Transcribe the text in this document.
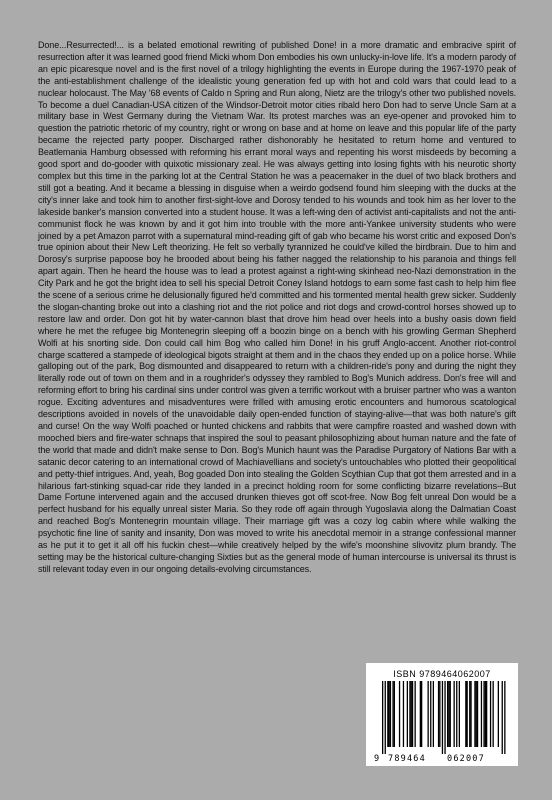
Done...Resurrected!... is a belated emotional rewriting of published Done! in a more dramatic and embracive spirit of resurrection after it was learned good friend Micki whom Don embodies his own unlucky-in-love life. It's a modern parody of an epic picaresque novel and is the first novel of a trilogy highlighting the events in Europe during the 1967-1970 peak of the anti-establishment challenge of the idealistic young generation fed up with hot and cold wars that could lead to a nuclear holocaust. The May '68 events of Caldo n Spring and Run along, Nietz are the trilogy's other two published novels. To become a duel Canadian-USA citizen of the Windsor-Detroit motor cities ribald hero Don had to serve Uncle Sam at a military base in West Germany during the Vietnam War. Its protest marches was an eye-opener and provoked him to question the patriotic rhetoric of my country, right or wrong on base and at home on leave and this popular life of the party became the rejected party pooper. Discharged rather dishonorably he hesitated to return home and ventured to Beatlemania Hamburg obsessed with reforming his errant moral ways and repenting his worst misdeeds by becoming a good sport and do-gooder with quixotic missionary zeal. He was always getting into losing fights with his neurotic shorty complex but this time in the parking lot at the Central Station he was a peacemaker in the duel of two black brothers and still got a beating. And it became a blessing in disguise when a weirdo godsend found him sleeping with the ducks at the city's inner lake and took him to another first-sight-love and Dorosy tended to his wounds and took him as her lover to the lakeside banker's mansion converted into a student house. It was a left-wing den of activist anti-capitalists and not the anti-communist flock he was known by and it got him into trouble with the more anti-Yankee university students who were joined by a pet Amazon parrot with a supernatural mind-reading gift of gab who became his worst critic and exposed Don's true opinion about their New Left theorizing. He felt so verbally tyrannized he could've killed the birdbrain. Due to him and Dorosy's surprise papoose boy he brooded about being his father nagged the relationship to his paranoia and things fell apart again. Then he heard the house was to lead a protest against a right-wing skinhead neo-Nazi demonstration in the City Park and he got the bright idea to sell his special Detroit Coney Island hotdogs to earn some fast cash to help him flee the scene of a serious crime he delusionally figured he'd committed and his tormented mental health grew sicker. Suddenly the slogan-chanting broke out into a clashing riot and the riot police and riot dogs and crowd-control horses showed up to restore law and order. Don got hit by water-cannon blast that drove him head over heels into a bushy oasis down field where he met the refugee big Montenegrin sleeping off a boozin binge on a bench with his growling German Shepherd Wolfi at his snorting side. Don could call him Bog who called him Done! in his gruff Anglo-accent. Another riot-control charge scattered a stampede of ideological bigots straight at them and in the chaos they ended up on a police horse. While galloping out of the park, Bog dismounted and disappeared to return with a children-ride's pony and during the night they literally rode out of town on them and in a roughrider's odyssey they rambled to Bog's Munich address. Don's free will and reforming effort to bring his cardinal sins under control was given a terrific workout with a bruiser partner who was a wanton rogue. Exciting adventures and misadventures were frilled with amusing erotic encounters and humorous scatological descriptions avoided in novels of the unavoidable daily open-ended function of staying-alive—that was both nature's gift and curse! On the way Wolfi poached or hunted chickens and rabbits that were campfire roasted and washed down with mooched biers and fire-water schnaps that inspired the soul to peasant philosophizing about human nature and the fate of the world that made and didn't make sense to Don. Bog's Munich haunt was the Paradise Purgatory of Nations Bar with a satanic decor catering to an international crowd of Machiavellians and society's untouchables who plotted their geopolitical and petty-thief intrigues. And, yeah, Bog goaded Don into stealing the Golden Scythian Cup that got them arrested and in a hilarious fart-stinking squad-car ride they landed in a precinct holding room for some conflicting bizarre revelations--But Dame Fortune intervened again and the accused drunken thieves got off scot-free. Now Bog felt unreal Don would be a perfect husband for his equally unreal sister Maria. So they rode off again through Yugoslavia along the Dalmatian Coast and reached Bog's Montenegrin mountain village. Their marriage gift was a cozy log cabin where while walking the psychotic fine line of sanity and insanity, Don was moved to write his anecdotal memoir in a strange confessional manner as he put it to get it all off his fuckin chest—while creatively helped by the wife's moonshine slivovitz plum brandy. The setting may be the historical culture-changing Sixties but as the general mode of human intercourse is universal its thrust is still relevant today even in our ongoing details-evolving circumstances.

ISBN 9789464062007
9 789464 062007
